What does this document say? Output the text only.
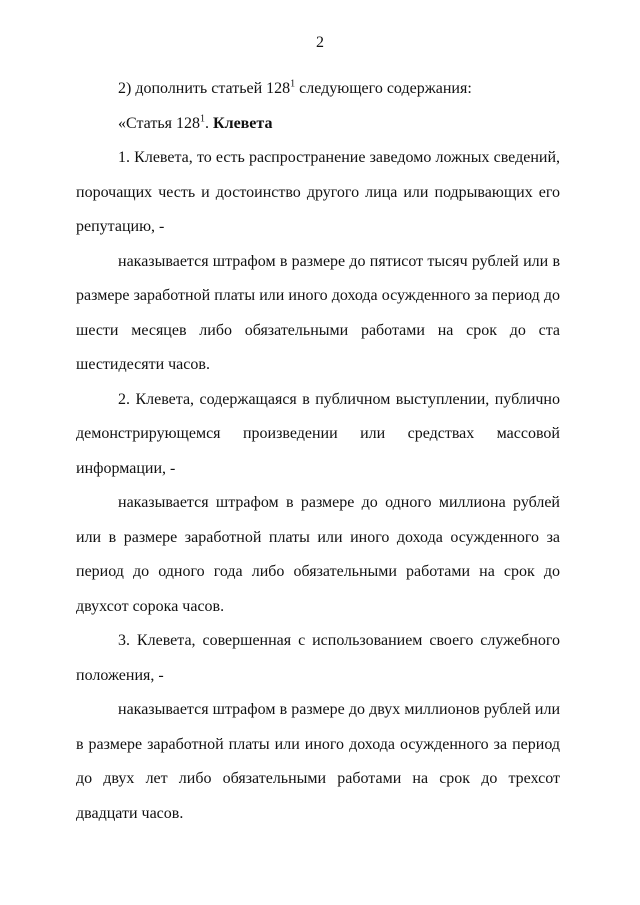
2

2) дополнить статьей $128^1$ следующего содержания:

«Статья $128^1$. Клевета

1. Клевета, то есть распространение заведомо ложных сведений, порочащих честь и достоинство другого лица или подрывающих его репутацию, -

наказывается штрафом в размере до пятисот тысяч рублей или в размере заработной платы или иного дохода осужденного за период до шести месяцев либо обязательными работами на срок до ста шестидесяти часов.

2. Клевета, содержащаяся в публичном выступлении, публично демонстрирующемся произведении или средствах массовой информации, -

наказывается штрафом в размере до одного миллиона рублей или в размере заработной платы или иного дохода осужденного за период до одного года либо обязательными работами на срок до двухсот сорока часов.

3. Клевета, совершенная с использованием своего служебного положения, -

наказывается штрафом в размере до двух миллионов рублей или в размере заработной платы или иного дохода осужденного за период до двух лет либо обязательными работами на срок до трехсот двадцати часов.
